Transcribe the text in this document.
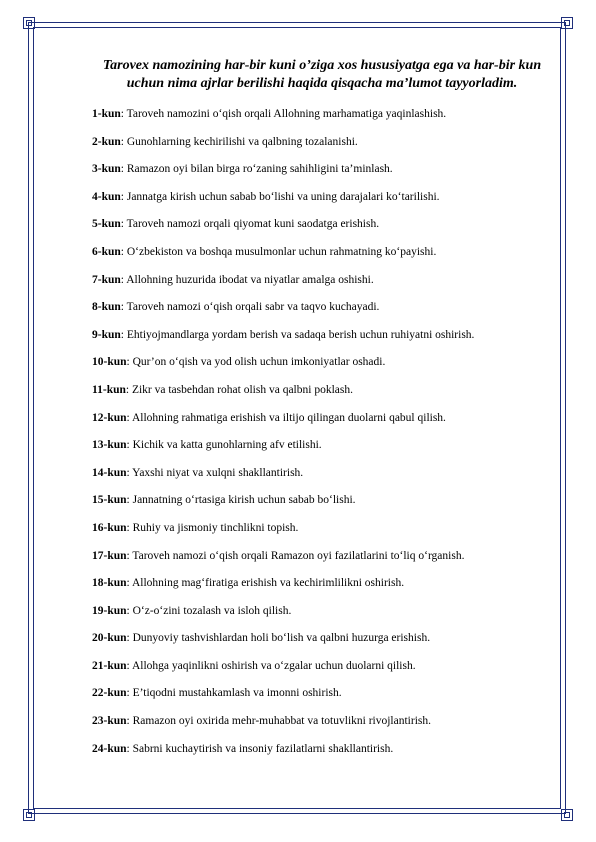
Tarovex namozining har-bir kuni o’ziga xos hususiyatga ega va har-bir kun uchun nima ajrlar berilishi haqida qisqacha ma’lumot tayyorladim.
1-kun: Taroveh namozini o‘qish orqali Allohning marhamatiga yaqinlashish.
2-kun: Gunohlarning kechirilishi va qalbning tozalanishi.
3-kun: Ramazon oyi bilan birga ro‘zaning sahihligini ta’minlash.
4-kun: Jannatga kirish uchun sabab bo‘lishi va uning darajalari ko‘tarilishi.
5-kun: Taroveh namozi orqali qiyomat kuni saodatga erishish.
6-kun: O‘zbekiston va boshqa musulmonlar uchun rahmatning ko‘payishi.
7-kun: Allohning huzurida ibodat va niyatlar amalga oshishi.
8-kun: Taroveh namozi o‘qish orqali sabr va taqvo kuchayadi.
9-kun: Ehtiyojmandlarga yordam berish va sadaqa berish uchun ruhiyatni oshirish.
10-kun: Qur’on o‘qish va yod olish uchun imkoniyatlar oshadi.
11-kun: Zikr va tasbehdan rohat olish va qalbni poklash.
12-kun: Allohning rahmatiga erishish va iltijo qilingan duolarni qabul qilish.
13-kun: Kichik va katta gunohlarning afv etilishi.
14-kun: Yaxshi niyat va xulqni shakllantirish.
15-kun: Jannatning o‘rtasiga kirish uchun sabab bo‘lishi.
16-kun: Ruhiy va jismoniy tinchlikni topish.
17-kun: Taroveh namozi o‘qish orqali Ramazon oyi fazilatlarini to‘liq o‘rganish.
18-kun: Allohning mag‘firatiga erishish va kechirimlilikni oshirish.
19-kun: O‘z-o‘zini tozalash va isloh qilish.
20-kun: Dunyoviy tashvishlardan holi bo‘lish va qalbni huzurga erishish.
21-kun: Allohga yaqinlikni oshirish va o‘zgalar uchun duolarni qilish.
22-kun: E’tiqodni mustahkamlash va imonni oshirish.
23-kun: Ramazon oyi oxirida mehr-muhabbat va totuvlikni rivojlantirish.
24-kun: Sabrni kuchaytirish va insoniy fazilatlarni shakllantirish.
